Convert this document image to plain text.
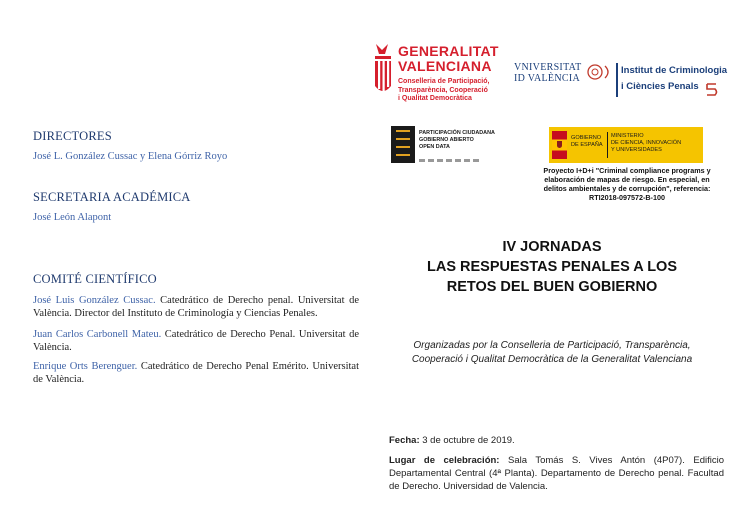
GENERALITAT
VALENCIANA
Conselleria de Participació,
Transparència, Cooperació
i Qualitat Democràtica
VNIVERSITAT
ID VALÈNCIA
Institut de Criminologia
i Ciències Penals
PARTICIPACIÓN CIUDADANA
GOBIERNO ABIERTO
OPEN DATA
GOBIERNO
DE ESPAÑA
MINISTERIO
DE CIENCIA, INNOVACIÓN
Y UNIVERSIDADES
Proyecto I+D+i "Criminal compliance programs y
elaboración de mapas de riesgo. En especial, en
delitos ambientales y de corrupción", referencia:
RTI2018-097572-B-100
DIRECTORES
José L. González Cussac y Elena Górriz Royo
SECRETARIA ACADÉMICA
José León Alapont
COMITÉ CIENTÍFICO
José Luis González Cussac. Catedrático de Derecho penal. Universitat de València. Director del Instituto de Criminología y Ciencias Penales.
Juan Carlos Carbonell Mateu. Catedrático de Derecho Penal. Universitat de València.
Enrique Orts Berenguer. Catedrático de Derecho Penal Emérito. Universitat de València.
IV JORNADAS
LAS RESPUESTAS PENALES A LOS
RETOS DEL BUEN GOBIERNO
Organizadas por la Conselleria de Participació, Transparència,
Cooperació i Qualitat Democràtica de la Generalitat Valenciana
Fecha: 3 de octubre de 2019.
Lugar de celebración: Sala Tomás S. Vives Antón (4P07). Edificio Departamental Central (4ª Planta). Departamento de Derecho penal. Facultad de Derecho. Universidad de Valencia.
